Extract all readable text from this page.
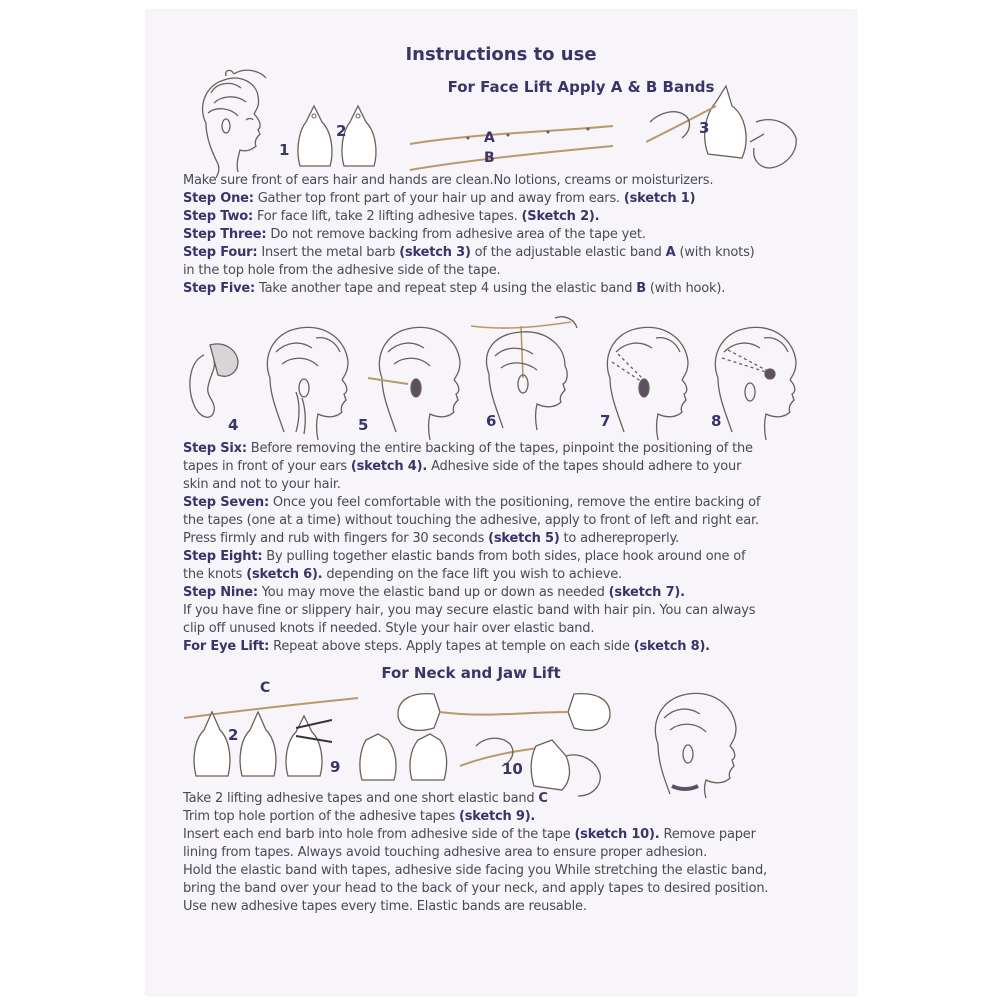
Instructions to use
For Face Lift Apply A & B Bands
1
2	A
B
3

Make sure front of ears hair and hands are clean.No lotions, creams or moisturizers.

Step One: Gather top front part of your hair up and away from ears. (sketch 1)

Step Two: For face lift, take 2 lifting adhesive tapes. (Sketch 2).

Step Three: Do not remove backing from adhesive area of the tape yet.

Step Four: Insert the metal barb (sketch 3) of the adjustable elastic band A (with knots)

in the top hole from the adhesive side of the tape.

Step Five: Take another tape and repeat step 4 using the elastic band B (with hook).

4	5	6	7	8

Step Six: Before removing the entire backing of the tapes, pinpoint the positioning of the

tapes in front of your ears (sketch 4). Adhesive side of the tapes should adhere to your

skin and not to your hair.

Step Seven: Once you feel comfortable with the positioning, remove the entire backing of

the tapes (one at a time) without touching the adhesive, apply to front of left and right ear.

Press firmly and rub with fingers for 30 seconds (sketch 5) to adhereproperly.

Step Eight: By pulling together elastic bands from both sides, place hook around one of

the knots (sketch 6). depending on the face lift you wish to achieve.

Step Nine: You may move the elastic band up or down as needed (sketch 7).

If you have fine or slippery hair, you may secure elastic band with hair pin. You can always

clip off unused knots if needed. Style your hair over elastic band.

For Eye Lift: Repeat above steps. Apply tapes at temple on each side (sketch 8).

For Neck and Jaw Lift
C
2
9	10

Take 2 lifting adhesive tapes and one short elastic band C

Trim top hole portion of the adhesive tapes (sketch 9).

Insert each end barb into hole from adhesive side of the tape (sketch 10). Remove paper

lining from tapes. Always avoid touching adhesive area to ensure proper adhesion.

Hold the elastic band with tapes, adhesive side facing you While stretching the elastic band,

bring the band over your head to the back of your neck, and apply tapes to desired position.

Use new adhesive tapes every time. Elastic bands are reusable.
